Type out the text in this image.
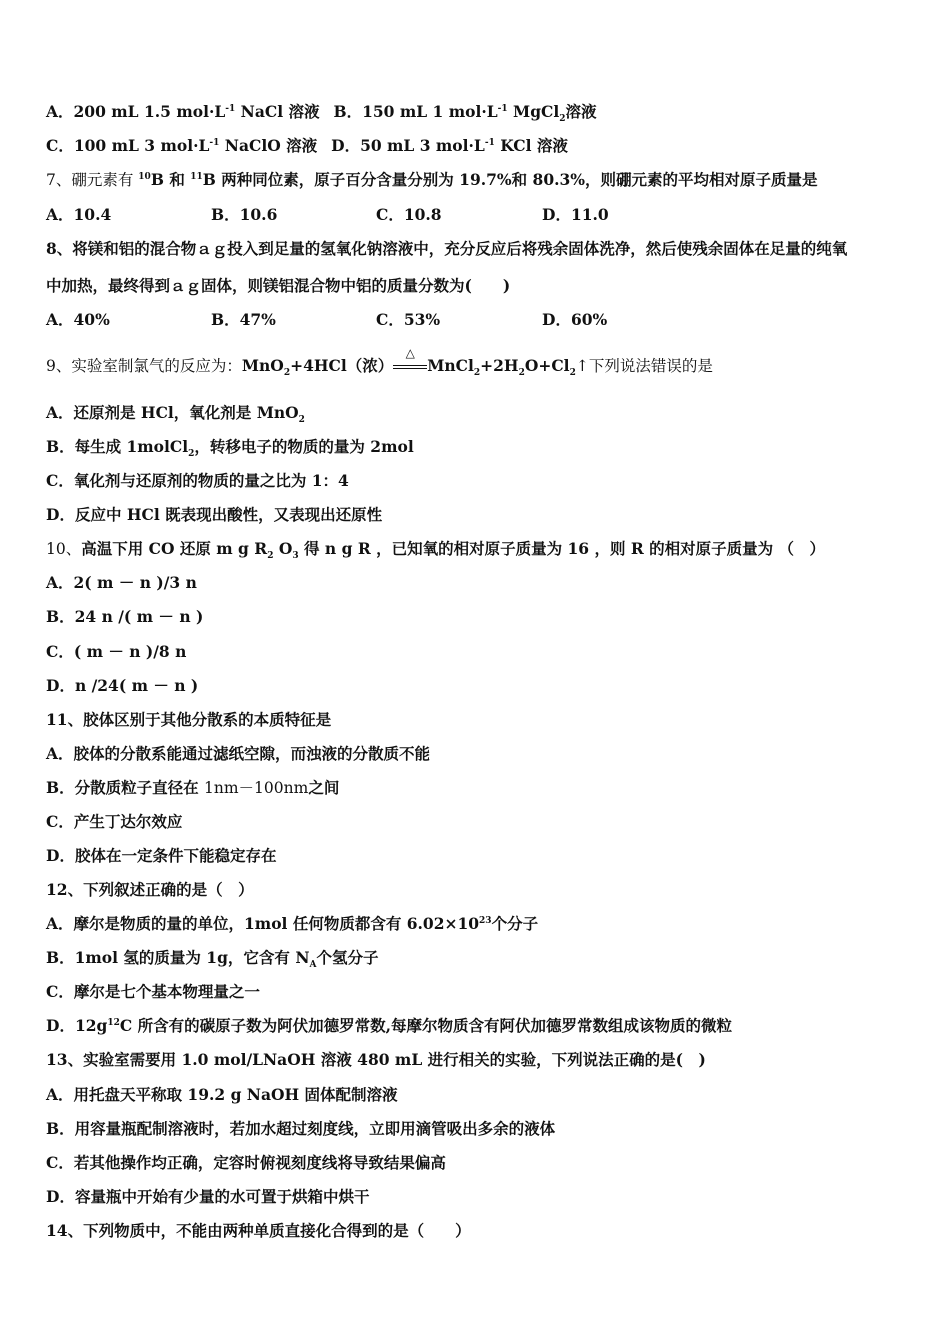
A．200 mL 1.5 $mol\cdot L^{-1}$ NaCl 溶液 B．150 mL 1 $mol\cdot L^{-1}$ MgCl$_2$溶液
C．100 mL 3 $mol\cdot L^{-1}$ NaClO 溶液 D．50 mL 3 $mol\cdot L^{-1}$ KCl 溶液
7、硼元素有 $^{10}$B 和 $^{11}$B 两种同位素，原子百分含量分别为 19.7%和 80.3%，则硼元素的平均相对原子质量是
A．10.4	B．10.6	C．10.8	D．11.0
8、将镁和铝的混合物ａｇ投入到足量的氢氧化钠溶液中，充分反应后将残余固体洗净，然后使残余固体在足量的纯氧
中加热，最终得到ａｇ固体，则镁铝混合物中铝的质量分数为(　　)
A．40%	B．47%	C．53%	D．60%
9、实验室制氯气的反应为：MnO$_2$+4HCl（浓）
△
$MnCl_2+2H_2O+Cl_2↑$下列说法错误的是
A．还原剂是 HCl，氧化剂是 MnO$_2$
B．每生成 1molCl$_2$，转移电子的物质的量为 2mol
C．氧化剂与还原剂的物质的量之比为 1：4
D．反应中 HCl 既表现出酸性，又表现出还原性
10、高温下用 CO 还原 m g $R_2$ $O_3$ 得 n g R ，已知氧的相对原子质量为 16 ，则 R 的相对原子质量为 （　）
A．2( m － n )/3 n
B．24 n /( m － n )
C．( m － n )/8 n
D．n /24( m － n )
11、胶体区别于其他分散系的本质特征是
A．胶体的分散系能通过滤纸空隙，而浊液的分散质不能
B．分散质粒子直径在 1nm－100nm之间
C．产生丁达尔效应
D．胶体在一定条件下能稳定存在
12、下列叙述正确的是（　）
A．摩尔是物质的量的单位，1mol 任何物质都含有 $6.02\times 10^{23}$个分子
B．1mol 氢的质量为 1g，它含有 $N_A$个氢分子
C．摩尔是七个基本物理量之一
D．$12g^{12}C$ 所含有的碳原子数为阿伏加德罗常数,每摩尔物质含有阿伏加德罗常数组成该物质的微粒
13、实验室需要用 1.0 mol/LNaOH 溶液 480 mL 进行相关的实验，下列说法正确的是(　)
A．用托盘天平称取 19.2 g NaOH 固体配制溶液
B．用容量瓶配制溶液时，若加水超过刻度线，立即用滴管吸出多余的液体
C．若其他操作均正确，定容时俯视刻度线将导致结果偏高
D．容量瓶中开始有少量的水可置于烘箱中烘干
14、下列物质中，不能由两种单质直接化合得到的是（　　）
